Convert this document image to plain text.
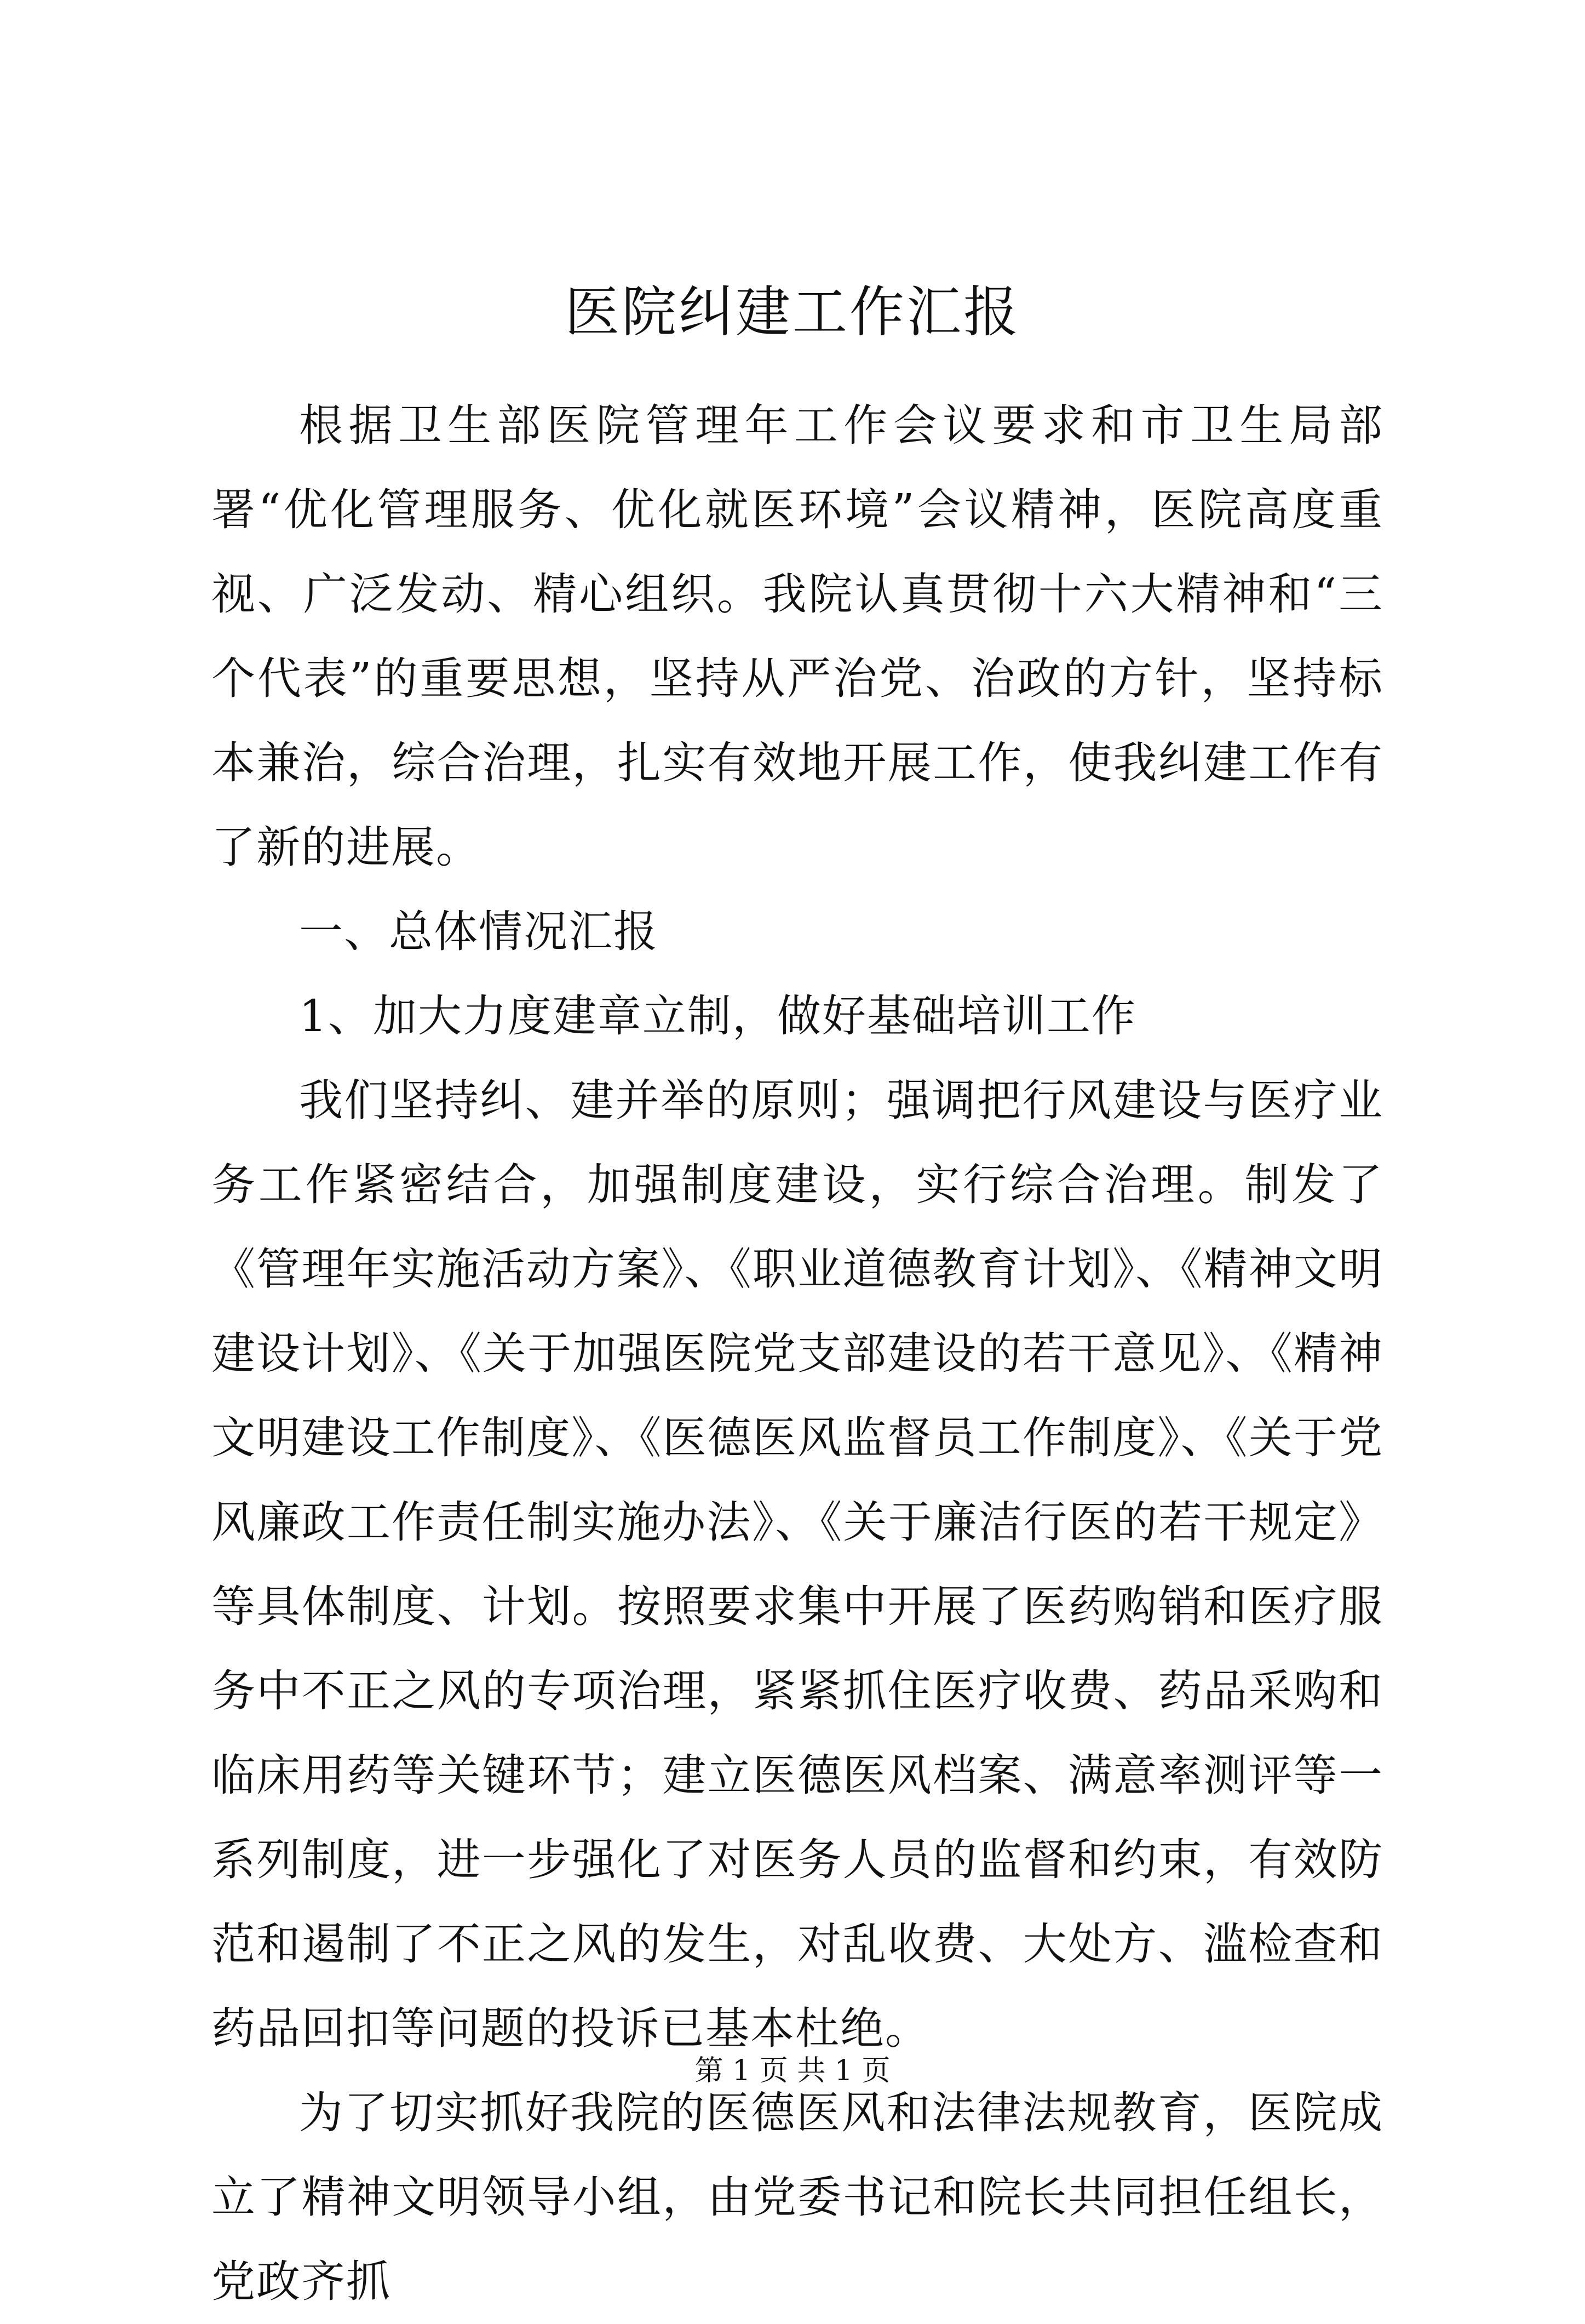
医院纠建工作汇报

根据卫生部医院管理年工作会议要求和市卫生局部署“优化管理服务、优化就医环境”会议精神，医院高度重视、广泛发动、精心组织。我院认真贯彻十六大精神和“三个代表”的重要思想，坚持从严治党、治政的方针，坚持标本兼治，综合治理，扎实有效地开展工作，使我纠建工作有了新的进展。

一、总体情况汇报

1、加大力度建章立制，做好基础培训工作

我们坚持纠、建并举的原则；强调把行风建设与医疗业务工作紧密结合，加强制度建设，实行综合治理。制发了《管理年实施活动方案》、《职业道德教育计划》、《精神文明建设计划》、《关于加强医院党支部建设的若干意见》、《精神文明建设工作制度》、《医德医风监督员工作制度》、《关于党风廉政工作责任制实施办法》、《关于廉洁行医的若干规定》等具体制度、计划。按照要求集中开展了医药购销和医疗服务中不正之风的专项治理，紧紧抓住医疗收费、药品采购和临床用药等关键环节；建立医德医风档案、满意率测评等一系列制度，进一步强化了对医务人员的监督和约束，有效防范和遏制了不正之风的发生，对乱收费、大处方、滥检查和药品回扣等问题的投诉已基本杜绝。

为了切实抓好我院的医德医风和法律法规教育，医院成立了精神文明领导小组，由党委书记和院长共同担任组长，党政齐抓

第 1 页 共 1 页
